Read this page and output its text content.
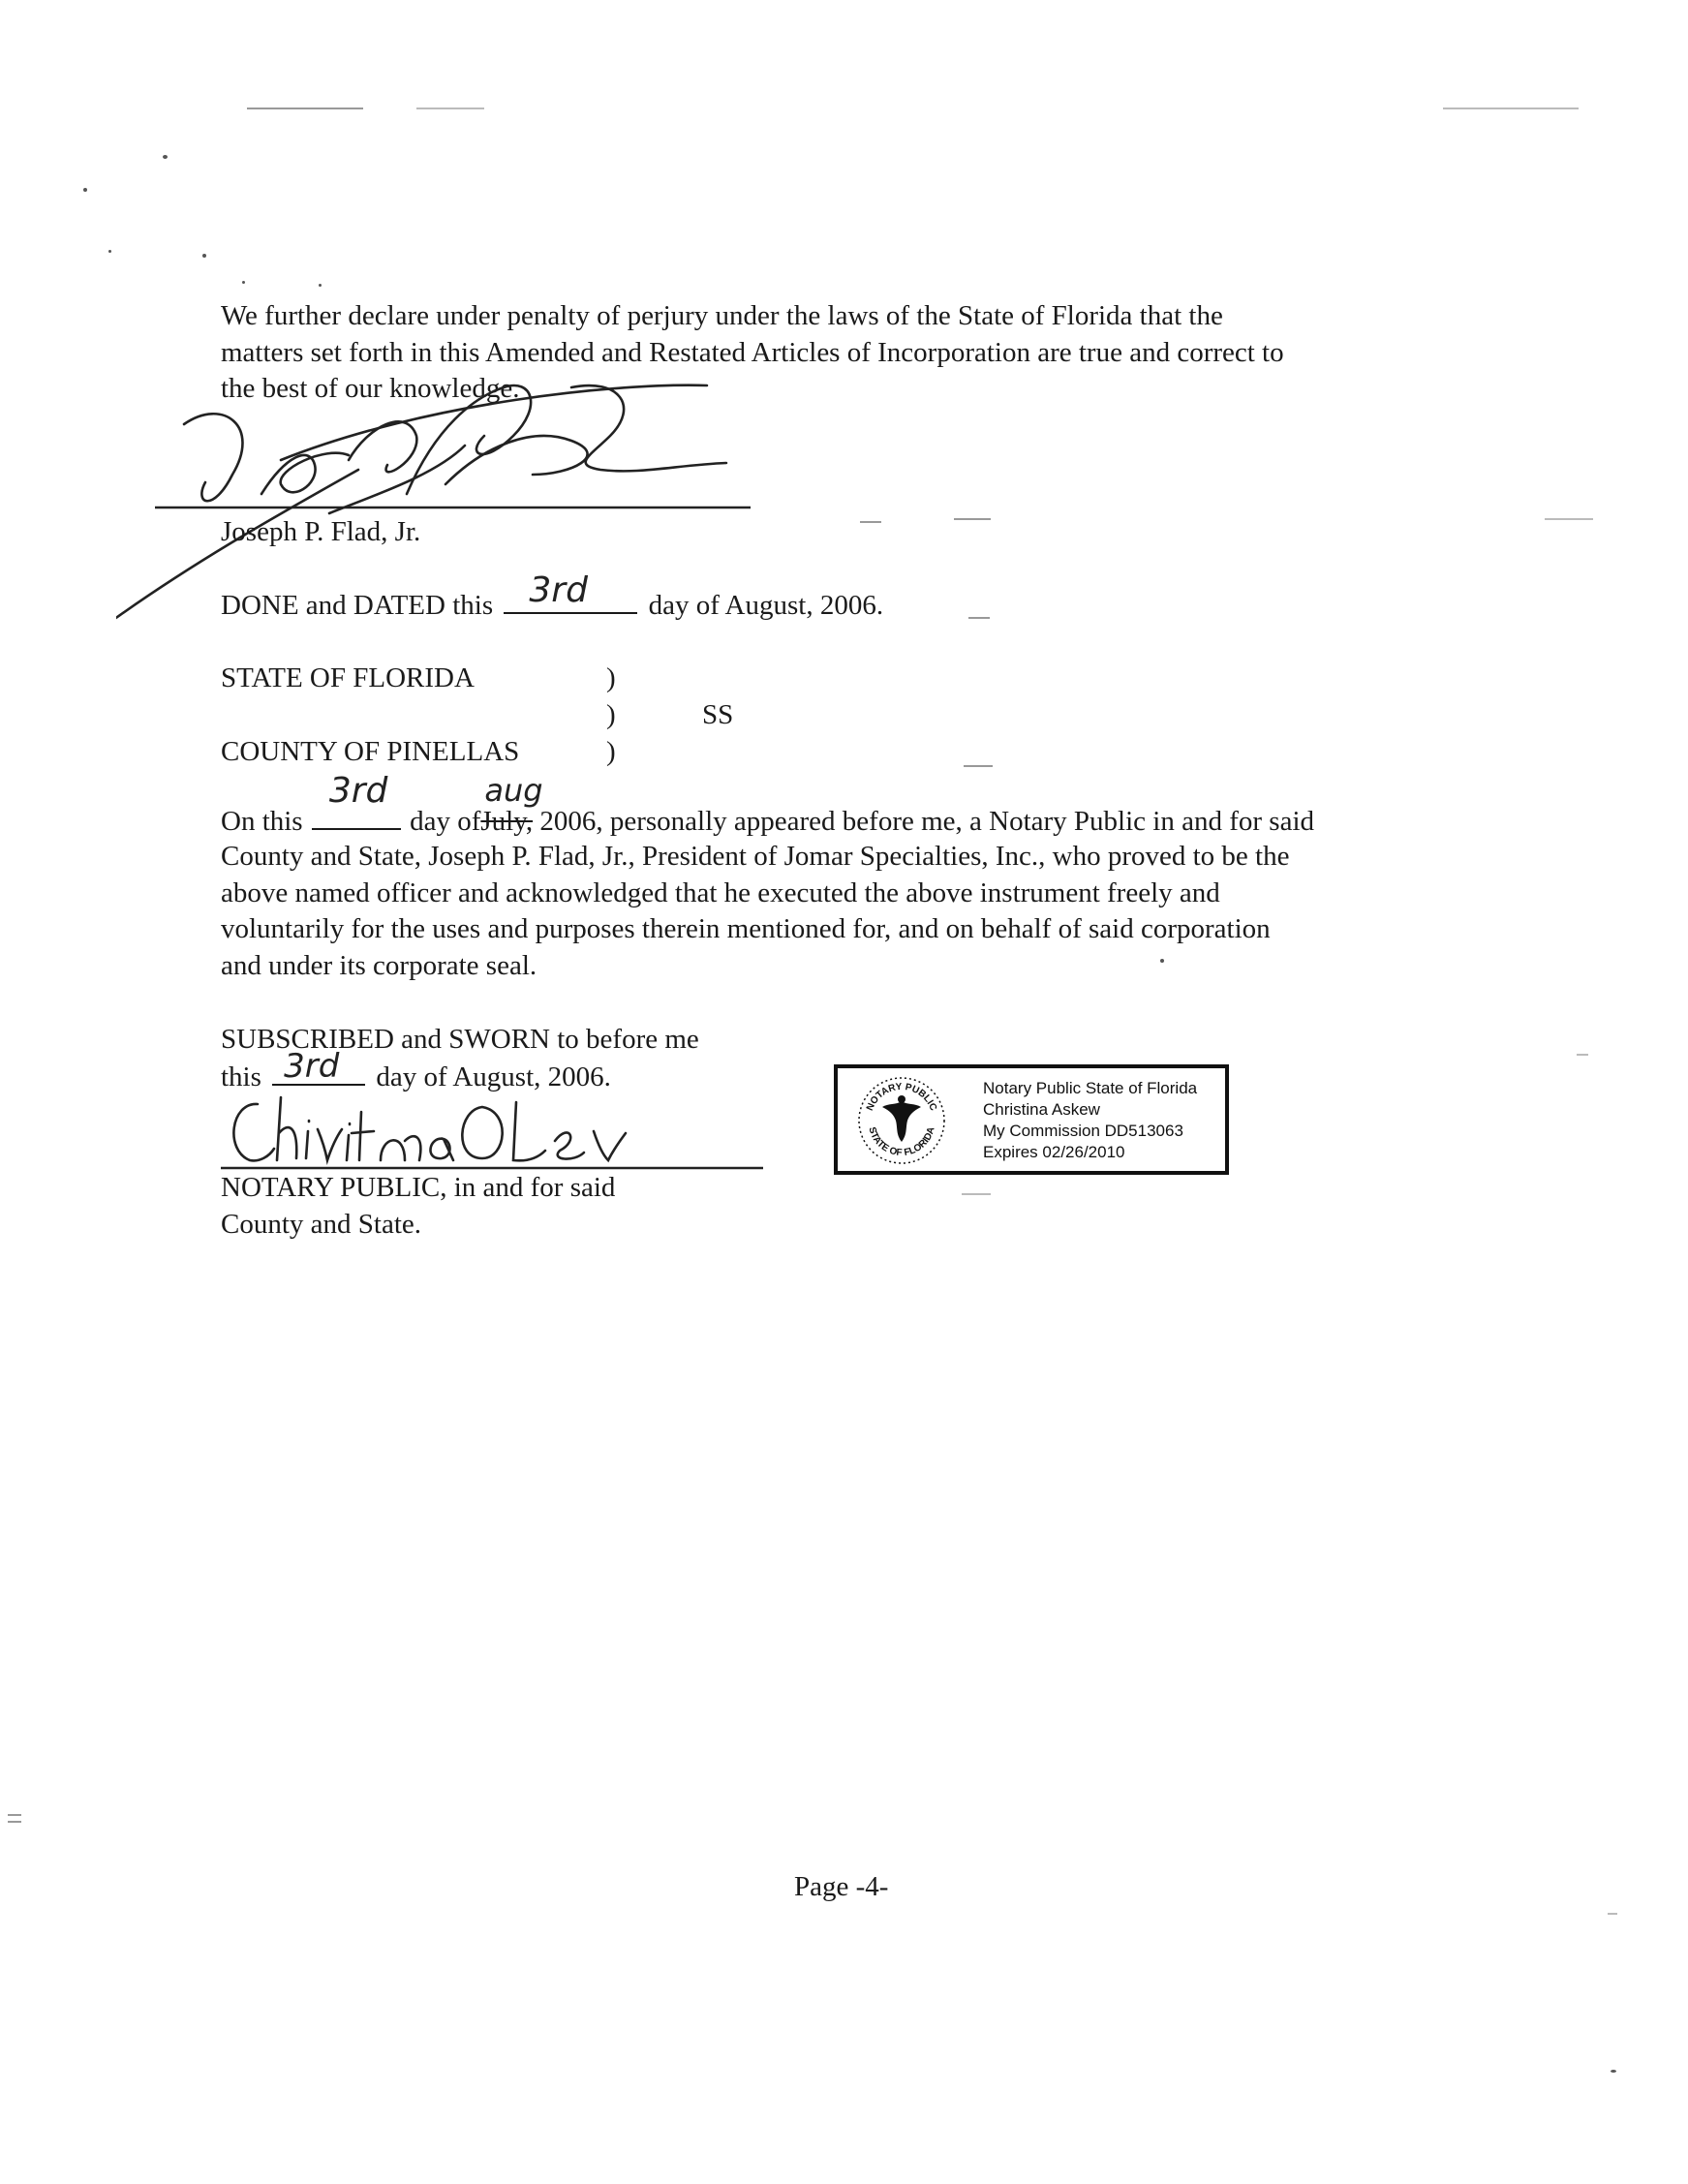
We further declare under penalty of perjury under the laws of the State of Florida that the
matters set forth in this Amended and Restated Articles of Incorporation are true and correct to
the best of our knowledge.
Joseph P. Flad, Jr.
DONE and DATED this 3rd day of August, 2006.
STATE OF FLORIDA	)
)	SS
COUNTY OF PINELLAS	)
On this
3rd
day ofJuly,
aug
2006, personally appeared before me, a Notary Public in and for said
County and State, Joseph P. Flad, Jr., President of Jomar Specialties, Inc., who proved to be the
above named officer and acknowledged that he executed the above instrument freely and
voluntarily for the uses and purposes therein mentioned for, and on behalf of said corporation
and under its corporate seal.
SUBSCRIBED and SWORN to before me
this 3rd day of August, 2006.
NOTARY PUBLIC, in and for said
County and State.
NOTARY PUBLIC
STATE OF FLORIDA
Notary Public State of Florida
Christina Askew
My Commission DD513063
Expires 02/26/2010
Page -4-
